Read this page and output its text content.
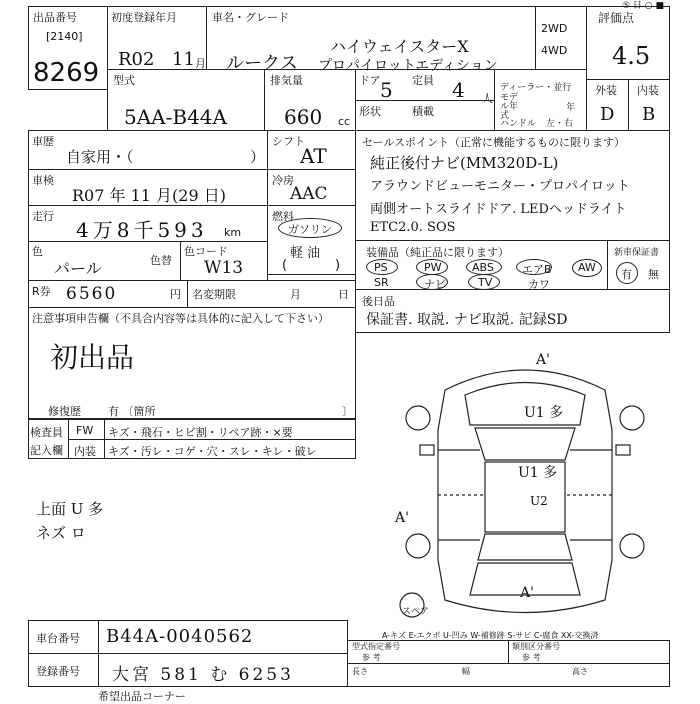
出品番号
[2140]
8269
初度登録年月
R02 11 月
車名・グレード
ルークス
ハイウェイスターX
プロパイロットエディション
2WD
4WD
評価点
4.5
⑤ 日 ○ ■
型式
5AA-B44A
排気量
660 cc
ドア 5 定員 4 人
形状	積載
ディーラー・並行
モデル年式
年
ハンドル 左・右
外装 内装
D B
車歴
自家用・（	）
シフト
AT
車検
R07 年 11 月(29 日)
冷房
AAC
走行
4万8千593 km
燃料
ガソリン
軽 油
(	)
色
パール	色替
色コード
W13
R券 6560	円 名変期限	月	日
セールスポイント（正常に機能するものに限ります）
純正後付ナビ(MM320D-L)
アラウンドビューモニター・プロパイロット
両側オートスライドドア. LEDヘッドライト
ETC2.0. SOS
装備品（純正品に限ります）	新車保証書
有 無
PS	PW	ABS	エアB AW
SR	ナビ	TV	カワ
後日品
保証書. 取説. ナビ取説. 記録SD
注意事項申告欄（不具合内容等は具体的に記入して下さい）
初出品
修復歴 有 〔箇所	〕
検査員
記入欄
FW キズ・飛石・ヒビ割・リペア跡・×要
内装 キズ・汚レ・コゲ・穴・スレ・キレ・破レ
上面 U 多
ネズ ロ
A'
U1 多
U1 多
U2
A'
A'
スペア
A-キズ E-エクボ U-凹み W-補修跡 S-サビ C-腐食 XX-交換済
車台番号 B44A-0040562
登録番号 大宮 581 む 6253
型式指定番号
参 考
類別区分番号
参 考
長さ	幅	高さ
希望出品コーナー
